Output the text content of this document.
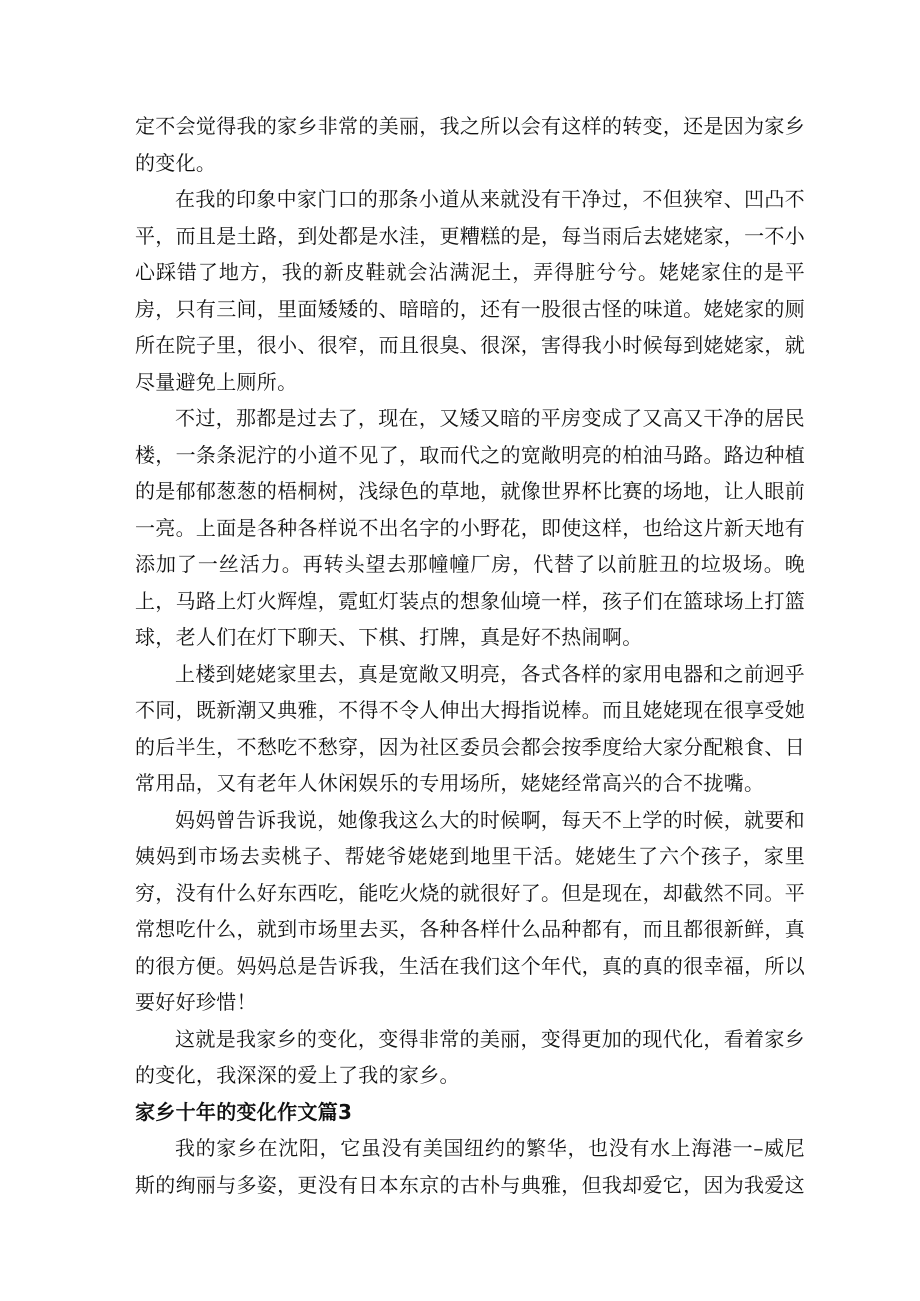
定不会觉得我的家乡非常的美丽，我之所以会有这样的转变，还是因为家乡的变化。

在我的印象中家门口的那条小道从来就没有干净过，不但狭窄、凹凸不平，而且是土路，到处都是水洼，更糟糕的是，每当雨后去姥姥家，一不小心踩错了地方，我的新皮鞋就会沾满泥土，弄得脏兮兮。姥姥家住的是平房，只有三间，里面矮矮的、暗暗的，还有一股很古怪的味道。姥姥家的厕所在院子里，很小、很窄，而且很臭、很深，害得我小时候每到姥姥家，就尽量避免上厕所。

不过，那都是过去了，现在，又矮又暗的平房变成了又高又干净的居民楼，一条条泥泞的小道不见了，取而代之的宽敞明亮的柏油马路。路边种植的是郁郁葱葱的梧桐树，浅绿色的草地，就像世界杯比赛的场地，让人眼前一亮。上面是各种各样说不出名字的小野花，即使这样，也给这片新天地有添加了一丝活力。再转头望去那幢幢厂房，代替了以前脏丑的垃圾场。晚上，马路上灯火辉煌，霓虹灯装点的想象仙境一样，孩子们在篮球场上打篮球，老人们在灯下聊天、下棋、打牌，真是好不热闹啊。

上楼到姥姥家里去，真是宽敞又明亮，各式各样的家用电器和之前迥乎不同，既新潮又典雅，不得不令人伸出大拇指说棒。而且姥姥现在很享受她的后半生，不愁吃不愁穿，因为社区委员会都会按季度给大家分配粮食、日常用品，又有老年人休闲娱乐的专用场所，姥姥经常高兴的合不拢嘴。

妈妈曾告诉我说，她像我这么大的时候啊，每天不上学的时候，就要和姨妈到市场去卖桃子、帮姥爷姥姥到地里干活。姥姥生了六个孩子，家里穷，没有什么好东西吃，能吃火烧的就很好了。但是现在，却截然不同。平常想吃什么，就到市场里去买，各种各样什么品种都有，而且都很新鲜，真的很方便。妈妈总是告诉我，生活在我们这个年代，真的真的很幸福，所以要好好珍惜！

这就是我家乡的变化，变得非常的美丽，变得更加的现代化，看着家乡的变化，我深深的爱上了我的家乡。

家乡十年的变化作文篇3

我的家乡在沈阳，它虽没有美国纽约的繁华，也没有水上海港一–威尼斯的绚丽与多姿，更没有日本东京的古朴与典雅，但我却爱它，因为我爱这
